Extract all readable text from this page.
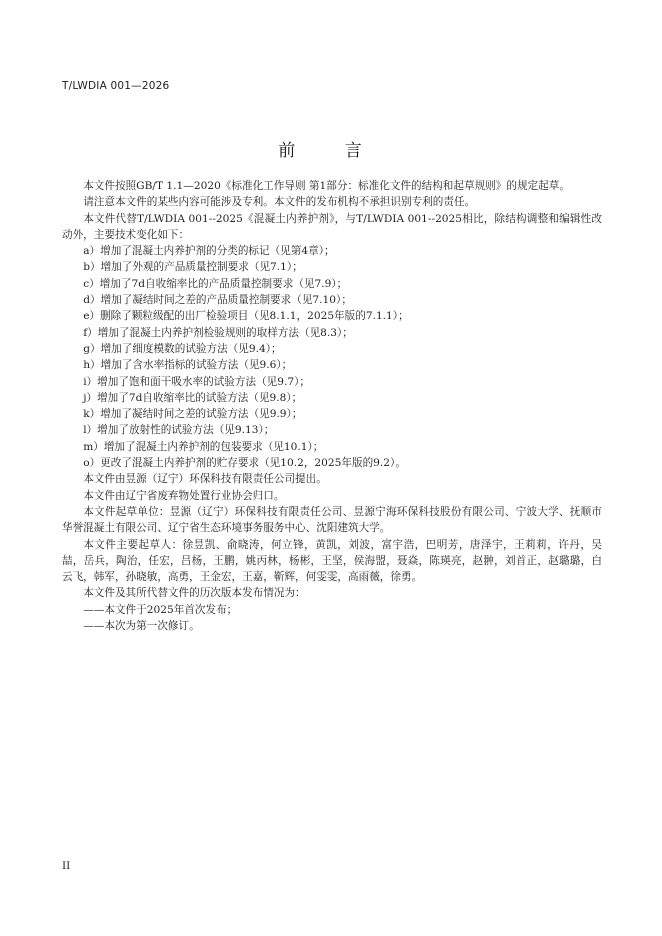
T/LWDIA 001—2026
前 言

本文件按照GB/T 1.1—2020《标准化工作导则 第1部分：标准化文件的结构和起草规则》的规定起草。

请注意本文件的某些内容可能涉及专利。本文件的发布机构不承担识别专利的责任。

本文件代替T/LWDIA 001--2025《混凝土内养护剂》，与T/LWDIA 001--2025相比，除结构调整和编辑性改动外，主要技术变化如下：

a）增加了混凝土内养护剂的分类的标记（见第4章）；

b）增加了外观的产品质量控制要求（见7.1）；

c）增加了7d自收缩率比的产品质量控制要求（见7.9）；

d）增加了凝结时间之差的产品质量控制要求（见7.10）；

e）删除了颗粒级配的出厂检验项目（见8.1.1，2025年版的7.1.1）；

f）增加了混凝土内养护剂检验规则的取样方法（见8.3）；

g）增加了细度模数的试验方法（见9.4）；

h）增加了含水率指标的试验方法（见9.6）；

i）增加了饱和面干吸水率的试验方法（见9.7）；

j）增加了7d自收缩率比的试验方法（见9.8）；

k）增加了凝结时间之差的试验方法（见9.9）；

l）增加了放射性的试验方法（见9.13）；

m）增加了混凝土内养护剂的包装要求（见10.1）；

o）更改了混凝土内养护剂的贮存要求（见10.2，2025年版的9.2）。

本文件由昱源（辽宁）环保科技有限责任公司提出。

本文件由辽宁省废弃物处置行业协会归口。

本文件起草单位：昱源（辽宁）环保科技有限责任公司、昱源宁海环保科技股份有限公司、宁波大学、抚顺市华誉混凝土有限公司、辽宁省生态环境事务服务中心、沈阳建筑大学。

本文件主要起草人：徐昱凯、俞晓涛，何立锋，黄凯，刘波，富宇浩，巴明芳，唐泽宇，王莉莉，许丹，吴喆，岳兵，陶治，任宏，吕杨，王鹏，姚丙林，杨彬，王坚，侯海盟，聂焱，陈瑛亮，赵翀，刘首正，赵璐璐，白云飞，韩军，孙晓敏，高勇，王金宏，王嘉，靳辉，何雯雯，高雨薇，徐勇。

本文件及其所代替文件的历次版本发布情况为：

——本文件于2025年首次发布；

——本次为第一次修订。

II
